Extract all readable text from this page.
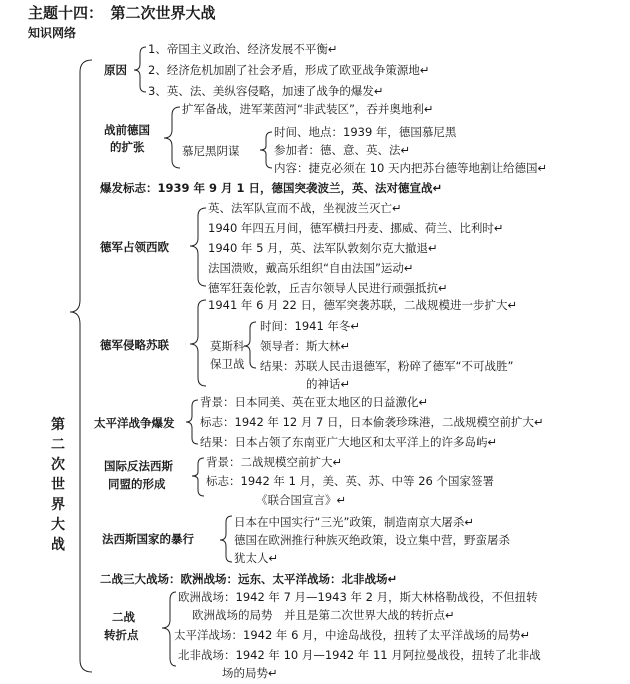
主题十四：　第二次世界大战
知识网络
第
二
次
世
界
大
战
原因
1、帝国主义政治、经济发展不平衡↵
2、经济危机加剧了社会矛盾，形成了欧亚战争策源地↵
3、英、法、美纵容侵略，加速了战争的爆发↵
战前德国
的扩张
扩军备战，进军莱茵河“非武装区”，吞并奥地利↵
慕尼黑阴谋
时间、地点：1939 年，德国慕尼黑
参加者：德、意、英、法↵
内容：捷克必须在 10 天内把苏台德等地割让给德国↵
爆发标志：1939 年 9 月 1 日，德国突袭波兰，英、法对德宣战↵
德军占领西欧
英、法军队宣而不战，坐视波兰灭亡↵
1940 年四五月间，德军横扫丹麦、挪威、荷兰、比利时↵
1940 年 5 月，英、法军队敦刻尔克大撤退↵
法国溃败，戴高乐组织“自由法国”运动↵
德军狂轰伦敦，丘吉尔领导人民进行顽强抵抗↵
德军侵略苏联
1941 年 6 月 22 日，德军突袭苏联，二战规模进一步扩大↵
莫斯科
保卫战
时间：1941 年冬↵
领导者：斯大林↵
结果：苏联人民击退德军，粉碎了德军“不可战胜”
的神话↵
太平洋战争爆发
背景：日本同美、英在亚太地区的日益激化↵
标志：1942 年 12 月 7 日，日本偷袭珍珠港，二战规模空前扩大↵
结果：日本占领了东南亚广大地区和太平洋上的许多岛屿↵
国际反法西斯
同盟的形成
背景：二战规模空前扩大↵
标志：1942 年 1 月，美、英、苏、中等 26 个国家签署
《联合国宣言》↵
法西斯国家的暴行
日本在中国实行“三光”政策，制造南京大屠杀↵
德国在欧洲推行种族灭绝政策，设立集中营，野蛮屠杀
犹太人↵
二战三大战场：欧洲战场：远东、太平洋战场：北非战场↵
二战
转折点
欧洲战场：1942 年 7 月—1943 年 2 月，斯大林格勒战役，不但扭转
欧洲战场的局势　并且是第二次世界大战的转折点↵
太平洋战场：1942 年 6 月，中途岛战役，扭转了太平洋战场的局势↵
北非战场：1942 年 10 月—1942 年 11 月阿拉曼战役，扭转了北非战
场的局势↵
